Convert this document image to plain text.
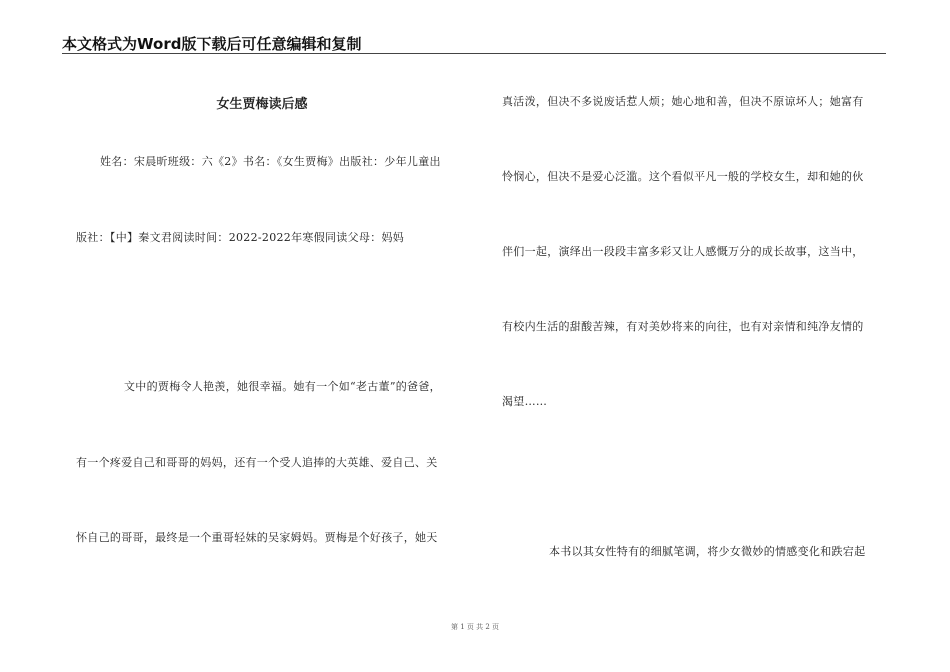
本文格式为Word版下载后可任意编辑和复制
女生贾梅读后感
姓名：宋晨昕班级：六《2》书名：《女生贾梅》出版社：少年儿童出
版社：【中】秦文君阅读时间：2022-2022年寒假同读父母：妈妈
文中的贾梅令人艳羡，她很幸福。她有一个如“老古董”的爸爸，
有一个疼爱自己和哥哥的妈妈，还有一个受人追捧的大英雄、爱自己、关
怀自己的哥哥，最终是一个重哥轻妹的吴家姆妈。贾梅是个好孩子，她天
真活泼，但决不多说废话惹人烦；她心地和善，但决不原谅坏人；她富有
怜悯心，但决不是爱心泛滥。这个看似平凡一般的学校女生，却和她的伙
伴们一起，演绎出一段段丰富多彩又让人感慨万分的成长故事，这当中，
有校内生活的甜酸苦辣，有对美妙将来的向往，也有对亲情和纯净友情的
渴望……
本书以其女性特有的细腻笔调，将少女微妙的情感变化和跌宕起
第 1 页 共 2 页
